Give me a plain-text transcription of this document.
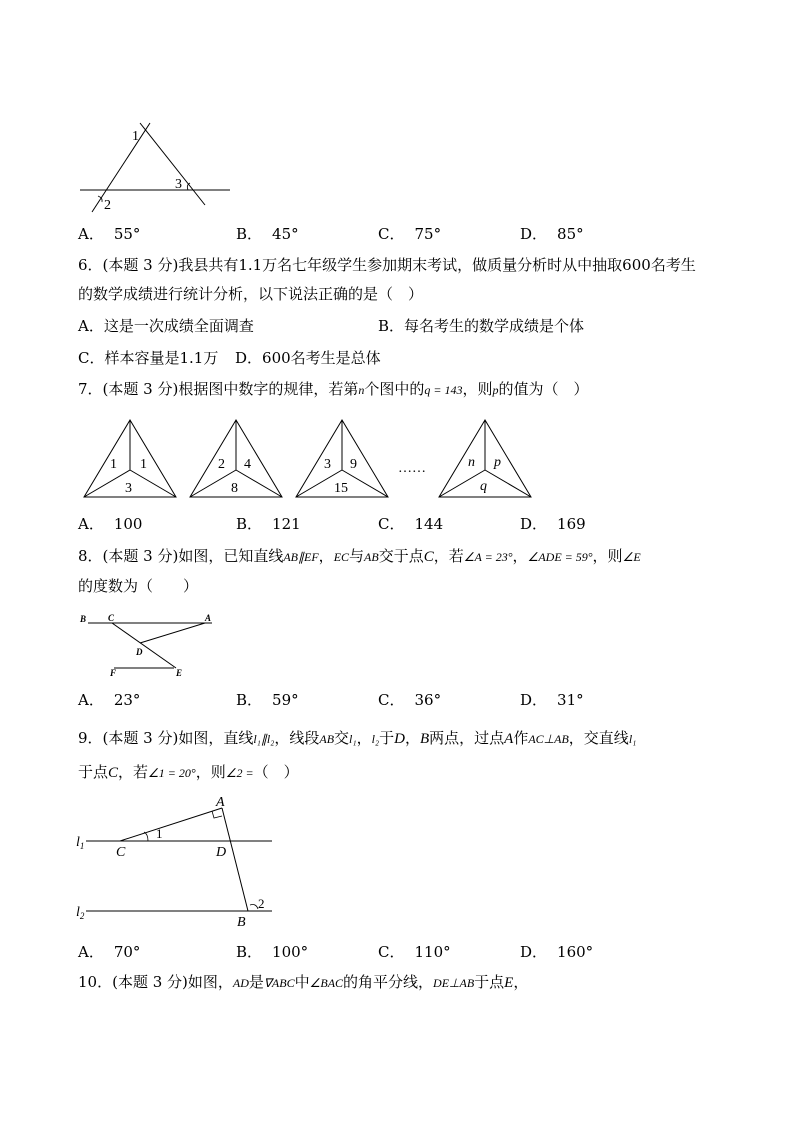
1
3
2
A． 55°	B． 45°	C． 75°	D． 85°
6．(本题 3 分)我县共有1.1万名七年级学生参加期末考试，做质量分析时从中抽取600名考生
的数学成绩进行统计分析，以下说法正确的是（　）
A．这是一次成绩全面调查	B．每名考生的数学成绩是个体
C．样本容量是1.1万 D．600名考生是总体
7．(本题 3 分)根据图中数字的规律，若第n个图中的q = 143，则p的值为（　）
1 1
3
2 4
8
3 9
15
……	n p
q
A． 100	B． 121	C． 144	D． 169
8．(本题 3 分)如图，已知直线AB∥EF，EC与AB交于点C，若∠A = 23°，∠ADE = 59°，则∠E
的度数为（　　）
B C	A
D
F	E
A． 23°	B． 59°	C． 36°	D． 31°
9．(本题 3 分)如图，直线l₁∥l₂，线段AB交l₁，l₂于D，B两点，过点A作AC⊥AB，交直线l₁
于点C，若∠1 = 20°，则∠2 =（　）
$l_1$
$l_2$
A
1
C	D
B
2
A． 70°	B． 100°	C． 110°	D． 160°
10．(本题 3 分)如图，AD是∇ABC中∠BAC的角平分线，DE⊥AB于点E，
